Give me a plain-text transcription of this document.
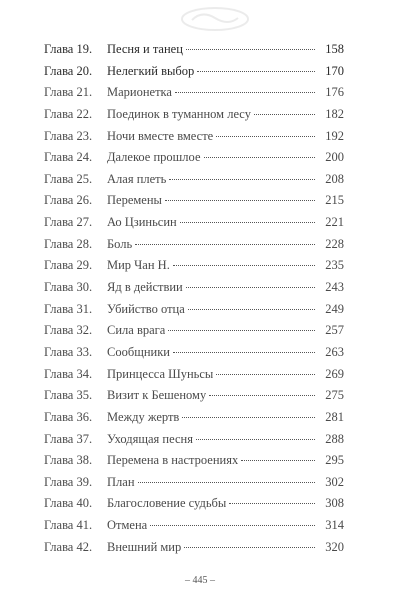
Глава 19.	Песня и танец	158
Глава 20.	Нелегкий выбор	170
Глава 21.	Марионетка	176
Глава 22.	Поединок в туманном лесу	182
Глава 23.	Ночи вместе вместе	192
Глава 24.	Далекое прошлое	200
Глава 25.	Алая плеть	208
Глава 26.	Перемены	215
Глава 27.	Ао Цзиньсин	221
Глава 28.	Боль	228
Глава 29.	Мир Чан Н.	235
Глава 30.	Яд в действии	243
Глава 31.	Убийство отца	249
Глава 32.	Сила врага	257
Глава 33.	Сообщники	263
Глава 34.	Принцесса Шуньсы	269
Глава 35.	Визит к Бешеному	275
Глава 36.	Между жертв	281
Глава 37.	Уходящая песня	288
Глава 38.	Перемена в настроениях	295
Глава 39.	План	302
Глава 40.	Благословение судьбы	308
Глава 41.	Отмена	314
Глава 42.	Внешний мир	320
– 445 –
